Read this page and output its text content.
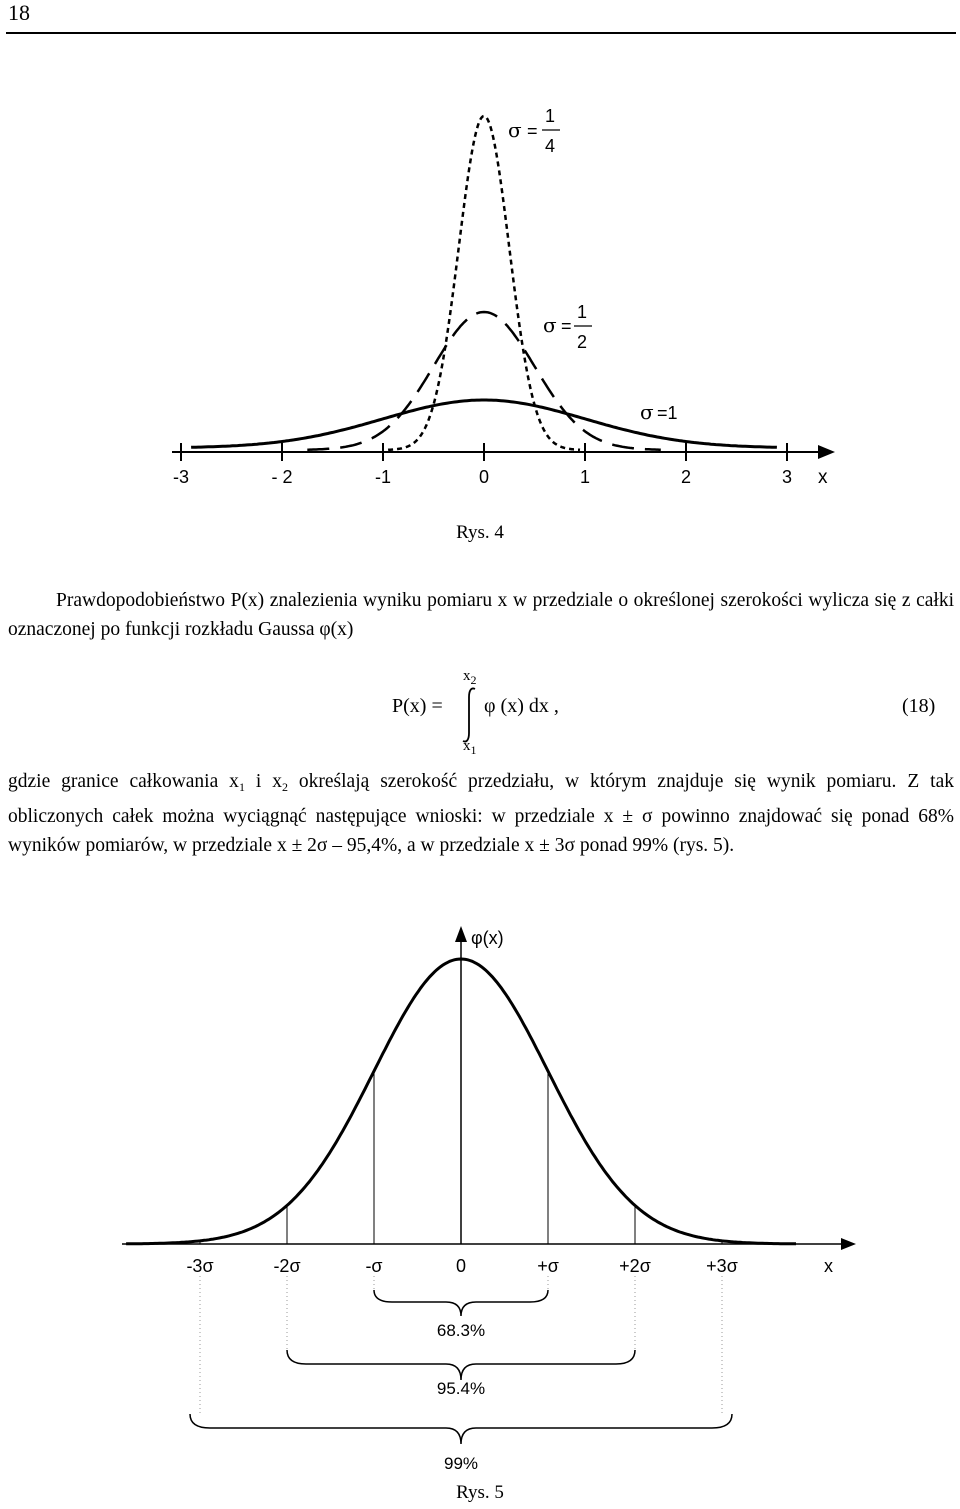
18
-3	- 2	-1	0	1	2	3 x
σ =
1
4
σ =
1
2
σ =1
Rys. 4
Prawdopodobieństwo P(x) znalezienia wyniku pomiaru x w przedziale o określonej szerokości wylicza się z całki oznaczonej po funkcji rozkładu Gaussa φ(x)
P(x) =
$x_2$
$x_1$
φ (x) dx ,	(18)
gdzie granice całkowania $x_1$ i $x_2$ określają szerokość przedziału, w którym znajduje się wynik pomiaru. Z tak obliczonych całek można wyciągnąć następujące wnioski: w przedziale x ± σ powinno znajdować się ponad 68% wyników pomiarów, w przedziale x ± 2σ – 95,4%, a w przedziale x ± 3σ ponad 99% (rys. 5).
φ(x)
x
-3σ	-2σ	-σ	0	+σ	+2σ	+3σ
68.3%
95.4%
99%
Rys. 5
